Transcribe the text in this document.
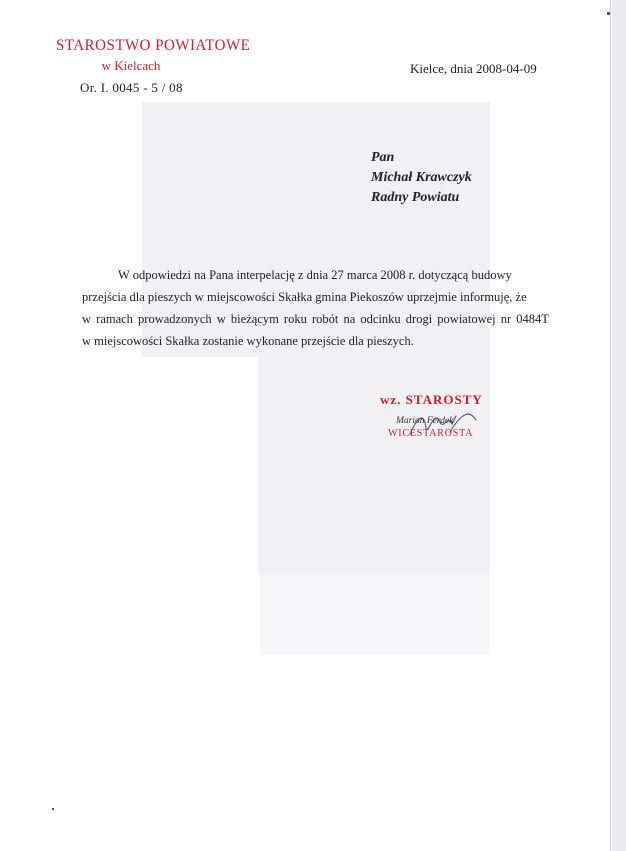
STAROSTWO POWIATOWE
w Kielcach
Or. I. 0045 - 5 / 08
Kielce, dnia 2008-04-09
Pan
Michał Krawczyk
Radny Powiatu
W odpowiedzi na Pana interpelację z dnia 27 marca 2008 r. dotyczącą budowy
przejścia dla pieszych w miejscowości Skałka gmina Piekoszów uprzejmie informuję, że
w ramach prowadzonych w bieżącym roku robót na odcinku drogi powiatowej nr 0484T
w miejscowości Skałka zostanie wykonane przejście dla pieszych.
wz. STAROSTY
Marian Ferdek
WICESTAROSTA
